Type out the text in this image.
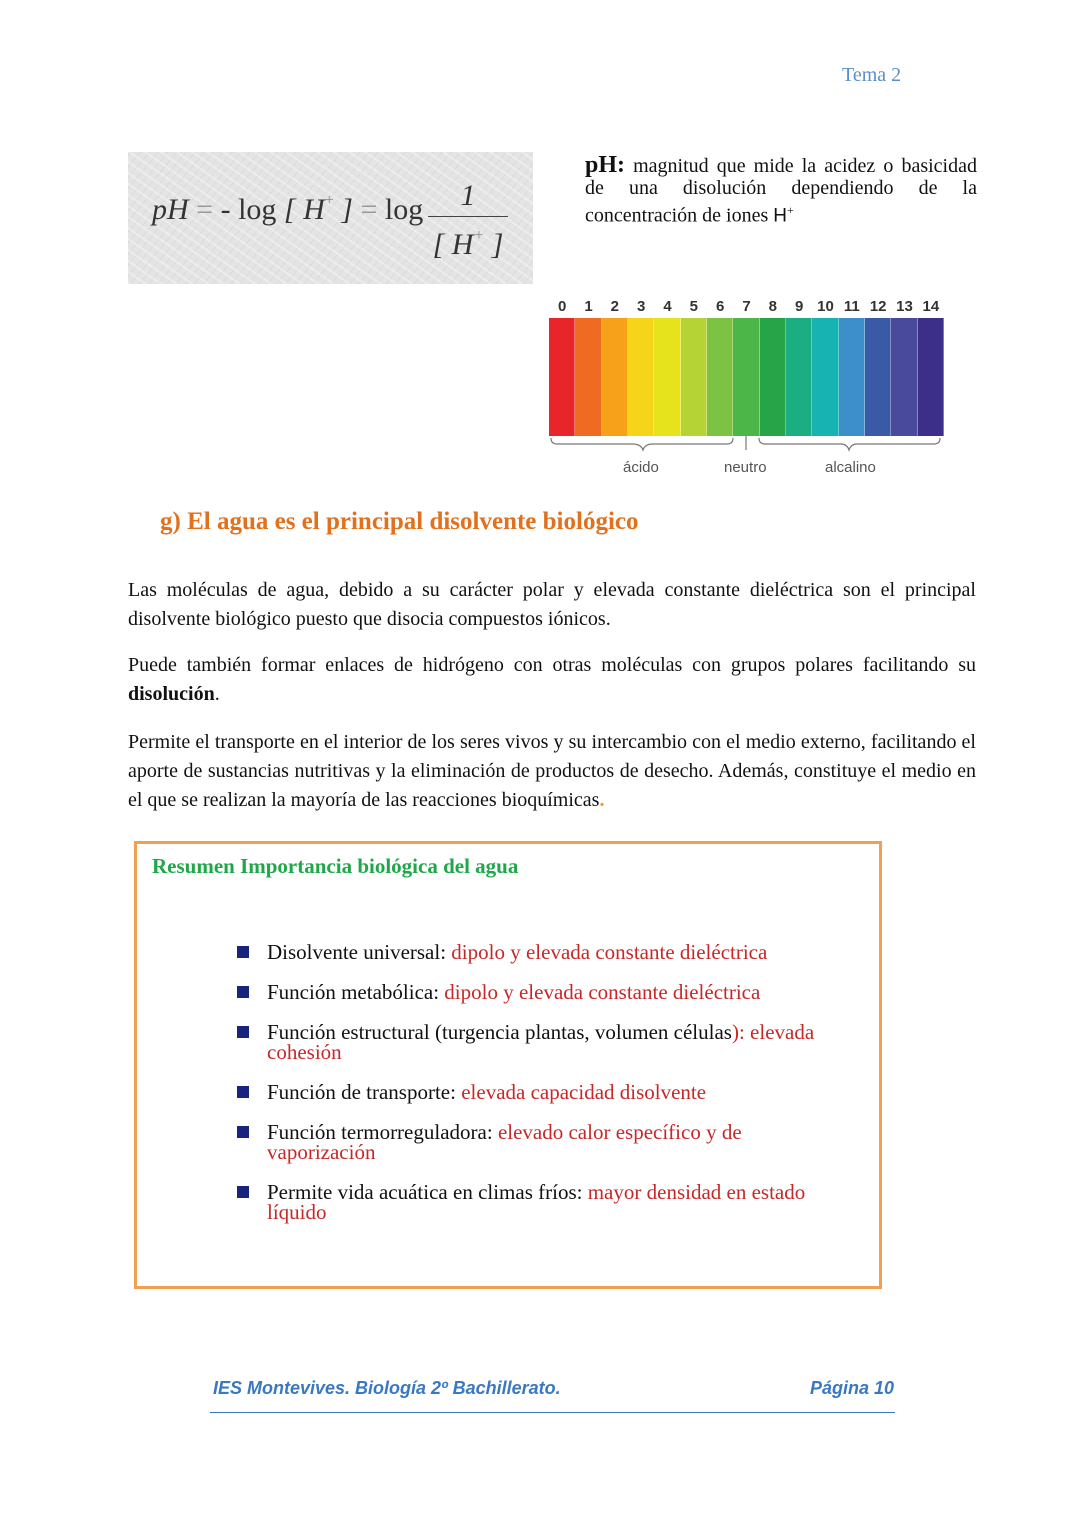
Tema 2
pH = - log [ H+ ] = log	1
[ H+ ]
pH: magnitud que mide la acidez o basicidad de una disolución dependiendo de la concentración de iones H+
ácido	neutro	alcalino
0	1	2	3	4	5	6	7	8	9 10 11 12 13 14
g) El agua es el principal disolvente biológico
Las moléculas de agua, debido a su carácter polar y elevada constante dieléctrica son el principal disolvente biológico puesto que disocia compuestos iónicos.
Puede también formar enlaces de hidrógeno con otras moléculas con grupos polares facilitando su disolución.
Permite el transporte en el interior de los seres vivos y su intercambio con el medio externo, facilitando el aporte de sustancias nutritivas y la eliminación de productos de desecho. Además, constituye el medio en el que se realizan la mayoría de las reacciones bioquímicas.
Resumen Importancia biológica del agua
Disolvente universal: dipolo y elevada constante dieléctrica
Función metabólica: dipolo y elevada constante dieléctrica
Función estructural (turgencia plantas, volumen células): elevada cohesión
Función de transporte: elevada capacidad disolvente
Función termorreguladora: elevado calor específico y de vaporización
Permite vida acuática en climas fríos: mayor densidad en estado líquido
IES Montevives. Biología 2º Bachillerato.	Página 10
